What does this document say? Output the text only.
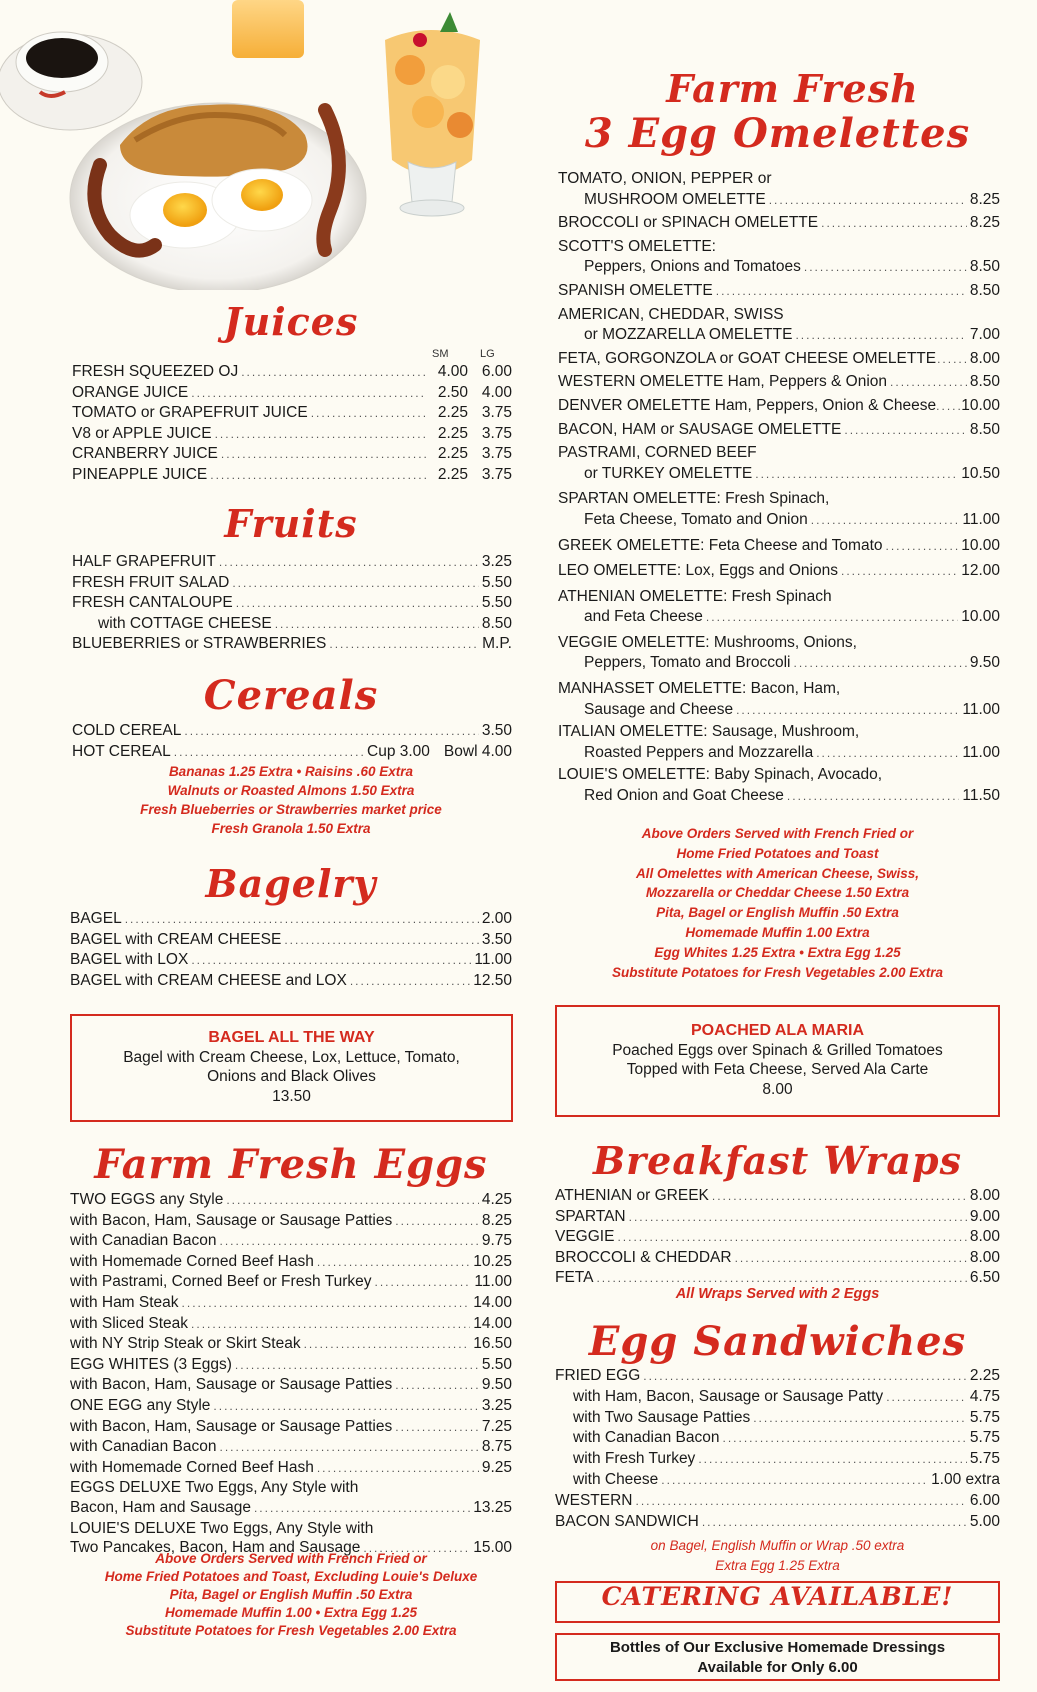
Juices
SM	LG
FRESH SQUEEZED OJ .....	4.00 6.00
ORANGE JUICE .....	2.50 4.00
TOMATO or GRAPEFRUIT JUICE .....	2.25 3.75
V8 or APPLE JUICE .....	2.25 3.75
CRANBERRY JUICE .....	2.25 3.75
PINEAPPLE JUICE .....	2.25 3.75
Fruits
HALF GRAPEFRUIT .....	3.25
FRESH FRUIT SALAD .....	5.50
FRESH CANTALOUPE .....	5.50
with COTTAGE CHEESE .....	8.50
BLUEBERRIES or STRAWBERRIES .....	M.P.
Cereals
COLD CEREAL .....	3.50
HOT CEREAL .....	Cup 3.00 Bowl 4.00
Bananas 1.25 Extra • Raisins .60 Extra
Walnuts or Roasted Almons 1.50 Extra
Fresh Blueberries or Strawberries market price
Fresh Granola 1.50 Extra
Bagelry
BAGEL .....	2.00
BAGEL with CREAM CHEESE .....	3.50
BAGEL with LOX .....	11.00
BAGEL with CREAM CHEESE and LOX .....	12.50
BAGEL ALL THE WAY
Bagel with Cream Cheese, Lox, Lettuce, Tomato,
Onions and Black Olives
13.50
Farm Fresh Eggs
TWO EGGS any Style .....	4.25
with Bacon, Ham, Sausage or Sausage Patties .....	8.25
with Canadian Bacon .....	9.75
with Homemade Corned Beef Hash .....	10.25
with Pastrami, Corned Beef or Fresh Turkey .....	11.00
with Ham Steak .....	14.00
with Sliced Steak .....	14.00
with NY Strip Steak or Skirt Steak .....	16.50
EGG WHITES (3 Eggs) .....	5.50
with Bacon, Ham, Sausage or Sausage Patties .....	9.50
ONE EGG any Style .....	3.25
with Bacon, Ham, Sausage or Sausage Patties .....	7.25
with Canadian Bacon .....	8.75
with Homemade Corned Beef Hash .....	9.25
EGGS DELUXE Two Eggs, Any Style with
Bacon, Ham and Sausage .....	13.25
LOUIE'S DELUXE Two Eggs, Any Style with
Two Pancakes, Bacon, Ham and Sausage .....	15.00
Above Orders Served with French Fried or
Home Fried Potatoes and Toast, Excluding Louie's Deluxe
Pita, Bagel or English Muffin .50 Extra
Homemade Muffin 1.00 • Extra Egg 1.25
Substitute Potatoes for Fresh Vegetables 2.00 Extra
Farm Fresh
3 Egg Omelettes
TOMATO, ONION, PEPPER or
MUSHROOM OMELETTE .....	8.25
BROCCOLI or SPINACH OMELETTE .....	8.25
SCOTT'S OMELETTE:
Peppers, Onions and Tomatoes .....	8.50
SPANISH OMELETTE .....	8.50
AMERICAN, CHEDDAR, SWISS
or MOZZARELLA OMELETTE .....	7.00
FETA, GORGONZOLA or GOAT CHEESE OMELETTE ..... 8.00
WESTERN OMELETTE Ham, Peppers & Onion .....	8.50
DENVER OMELETTE Ham, Peppers, Onion & Cheese ..... 10.00
BACON, HAM or SAUSAGE OMELETTE .....	8.50
PASTRAMI, CORNED BEEF
or TURKEY OMELETTE .....	10.50
SPARTAN OMELETTE: Fresh Spinach,
Feta Cheese, Tomato and Onion .....	11.00
GREEK OMELETTE: Feta Cheese and Tomato .....	10.00
LEO OMELETTE: Lox, Eggs and Onions .....	12.00
ATHENIAN OMELETTE: Fresh Spinach
and Feta Cheese .....	10.00
VEGGIE OMELETTE: Mushrooms, Onions,
Peppers, Tomato and Broccoli .....	9.50
MANHASSET OMELETTE: Bacon, Ham,
Sausage and Cheese .....	11.00
ITALIAN OMELETTE: Sausage, Mushroom,
Roasted Peppers and Mozzarella .....	11.00
LOUIE'S OMELETTE: Baby Spinach, Avocado,
Red Onion and Goat Cheese .....	11.50
Above Orders Served with French Fried or
Home Fried Potatoes and Toast
All Omelettes with American Cheese, Swiss,
Mozzarella or Cheddar Cheese 1.50 Extra
Pita, Bagel or English Muffin .50 Extra
Homemade Muffin 1.00 Extra
Egg Whites 1.25 Extra • Extra Egg 1.25
Substitute Potatoes for Fresh Vegetables 2.00 Extra
POACHED ALA MARIA
Poached Eggs over Spinach & Grilled Tomatoes
Topped with Feta Cheese, Served Ala Carte
8.00
Breakfast Wraps
ATHENIAN or GREEK .....	8.00
SPARTAN .....	9.00
VEGGIE .....	8.00
BROCCOLI & CHEDDAR .....	8.00
FETA .....	6.50
All Wraps Served with 2 Eggs
Egg Sandwiches
FRIED EGG .....	2.25
with Ham, Bacon, Sausage or Sausage Patty .....	4.75
with Two Sausage Patties .....	5.75
with Canadian Bacon .....	5.75
with Fresh Turkey .....	5.75
with Cheese .....	1.00 extra
WESTERN .....	6.00
BACON SANDWICH .....	5.00
on Bagel, English Muffin or Wrap .50 extra
Extra Egg 1.25 Extra
CATERING AVAILABLE!
Bottles of Our Exclusive Homemade Dressings
Available for Only 6.00
